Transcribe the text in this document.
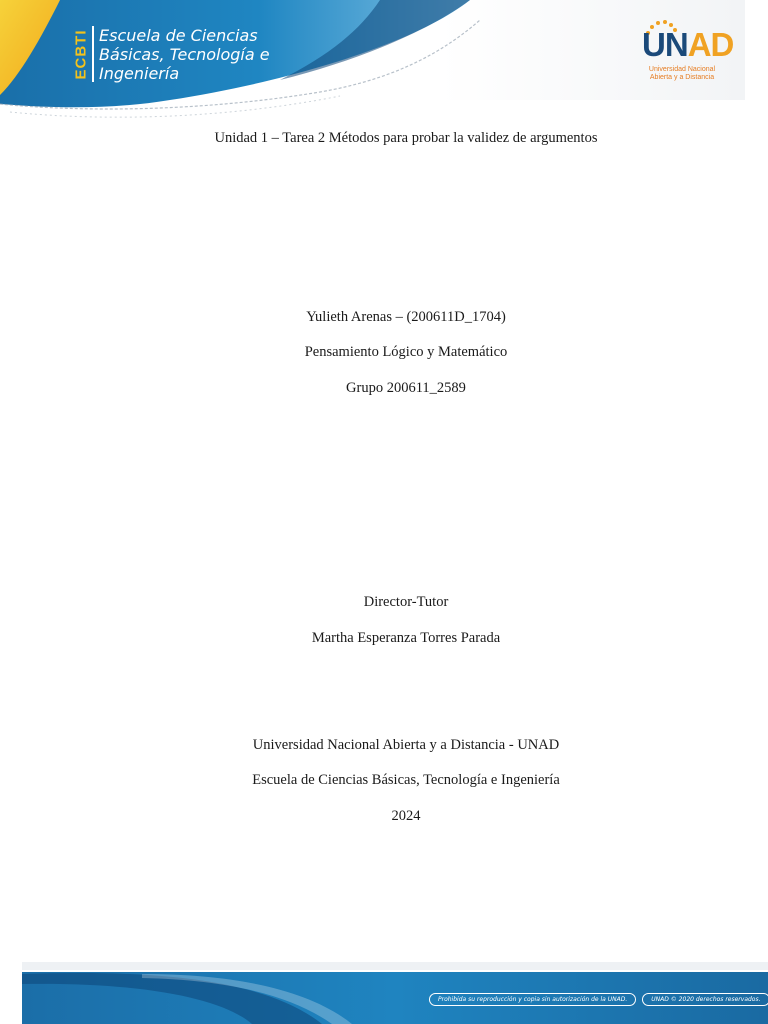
ECBTI Escuela de Ciencias
Básicas, Tecnología e
Ingeniería
UNAD
Universidad Nacional
Abierta y a Distancia
Unidad 1 – Tarea 2 Métodos para probar la validez de argumentos
Yulieth Arenas – (200611D_1704)
Pensamiento Lógico y Matemático
Grupo 200611_2589
Director-Tutor
Martha Esperanza Torres Parada
Universidad Nacional Abierta y a Distancia - UNAD
Escuela de Ciencias Básicas, Tecnología e Ingeniería
2024
Prohibida su reproducción y copia sin autorización de la UNAD.	UNAD © 2020 derechos reservados.
